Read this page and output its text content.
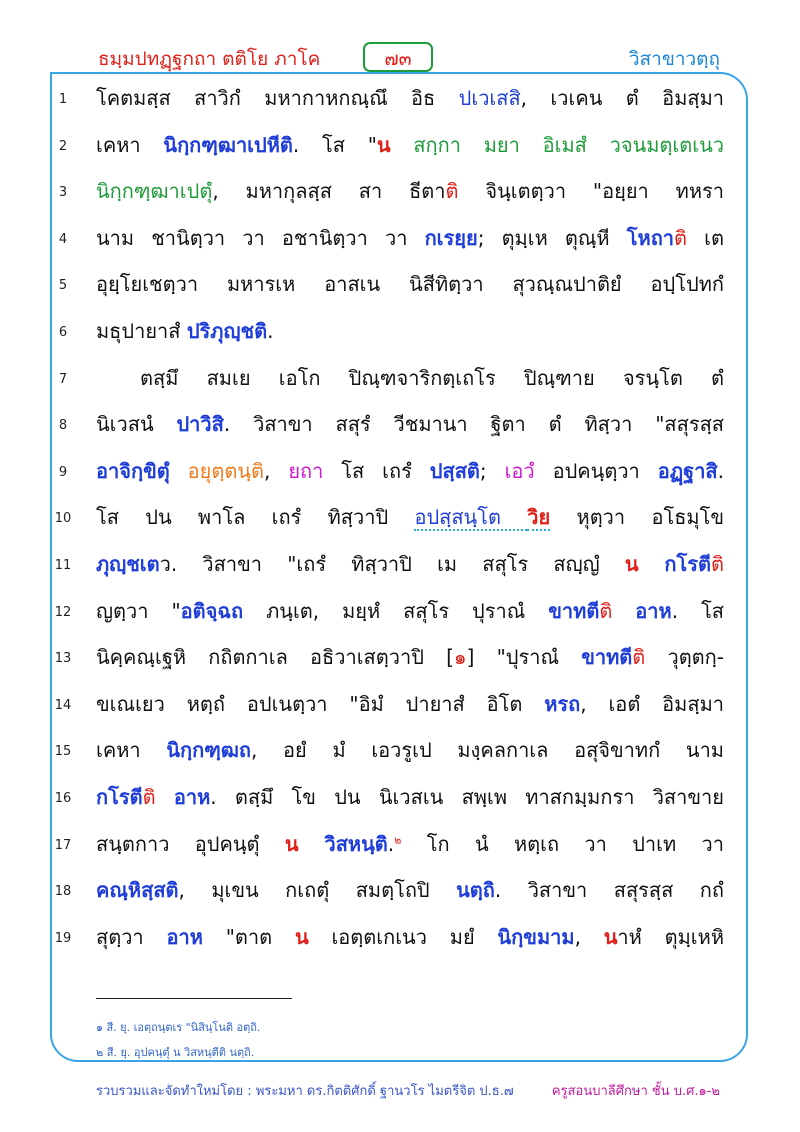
ธมฺมปทฏฺฐกถา ตติโย ภาโค	๗๓	วิสาขาวตฺถุ
1	โคตมสฺส สาวิกํ มหากาหกณฺณึ อิธ ปเวเสสิ, เวเคน ตํ อิมสฺมา
2	เคหา นิกฺกฑฺฒาเปหีติ. โส "น สกฺกา มยา อิเมสํ วจนมตฺเตเนว
3	นิกฺกฑฺฒาเปตุํ, มหากุลสฺส สา ธีตาติ จินฺเตตฺวา "อยฺยา ทหรา
4	นาม ชานิตฺวา วา อชานิตฺวา วา กเรยฺย; ตุมฺเห ตุณฺหี โหถาติ เต
5	อุยฺโยเชตฺวา มหารเห อาสเน นิสีทิตฺวา สุวณฺณปาติยํ อปฺโปทกํ
6	มธุปายาสํ ปริภุญฺชติ.
7	ตสฺมึ สมเย เอโก ปิณฺฑจาริกตฺเถโร ปิณฺฑาย จรนฺโต ตํ
8	นิเวสนํ ปาวิสิ. วิสาขา สสุรํ วีชมานา ฐิตา ตํ ทิสฺวา "สสุรสฺส
9	อาจิกฺขิตุํ อยุตฺตนฺติ, ยถา โส เถรํ ปสฺสติ; เอวํ อปคนฺตฺวา อฏฺฐาสิ.
10 โส ปน พาโล เถรํ ทิสฺวาปิ อปสฺสนฺโต วิย หุตฺวา อโธมุโข
11 ภุญฺชเตว. วิสาขา "เถรํ ทิสฺวาปิ เม สสุโร สญฺญํ น กโรตีติ
12 ญตฺวา "อติจฺฉถ ภนฺเต, มยฺหํ สสุโร ปุราณํ ขาทตีติ อาห. โส
13 นิคฺคณฺเฐหิ กถิตกาเล อธิวาเสตฺวาปิ [๑] "ปุราณํ ขาทตีติ วุตฺตกฺ-
14 ขเณเยว หตฺถํ อปเนตฺวา "อิมํ ปายาสํ อิโต หรถ, เอตํ อิมสฺมา
15 เคหา นิกฺกฑฺฒถ, อยํ มํ เอวรูเป มงฺคลกาเล อสุจิขาทกํ นาม
16 กโรตีติ อาห. ตสฺมึ โข ปน นิเวสเน สพฺเพ ทาสกมฺมกรา วิสาขาย
17 สนฺตกาว อุปคนฺตุํ น วิสหนฺติ.$^๒$ โก นํ หตฺเถ วา ปาเท วา
18 คณฺหิสฺสติ, มุเขน กเถตุํ สมตฺโถปิ นตฺถิ. วิสาขา สสุรสฺส กถํ
19 สุตฺวา อาห "ตาต น เอตฺตเกเนว มยํ นิกฺขมาม, นาหํ ตุมฺเหหิ
๑ สี. ยุ. เอตฺถนฺตเร "นิสินฺโนติ อตฺถิ.
๒ สี. ยุ. อุปคนฺตุํ น วิสหนฺตีติ นตฺถิ.
รวบรวมและจัดทำใหม่โดย : พระมหา ดร.กิตติศักดิ์ ฐานวโร ไมตรีจิต ป.ธ.๗	ครูสอนบาลีศึกษา ชั้น บ.ศ.๑-๒
